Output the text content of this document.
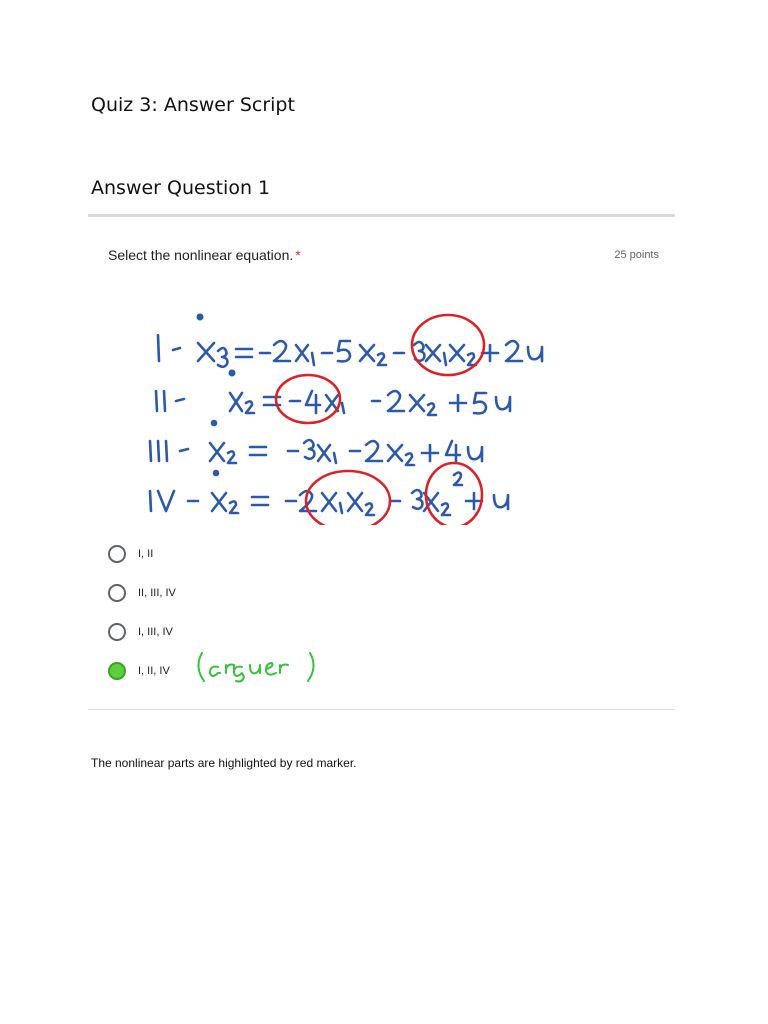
Quiz 3: Answer Script
Answer Question 1
Select the nonlinear equation. *	25 points
I, II
II, III, IV
I, III, IV
I, II, IV
The nonlinear parts are highlighted by red marker.
